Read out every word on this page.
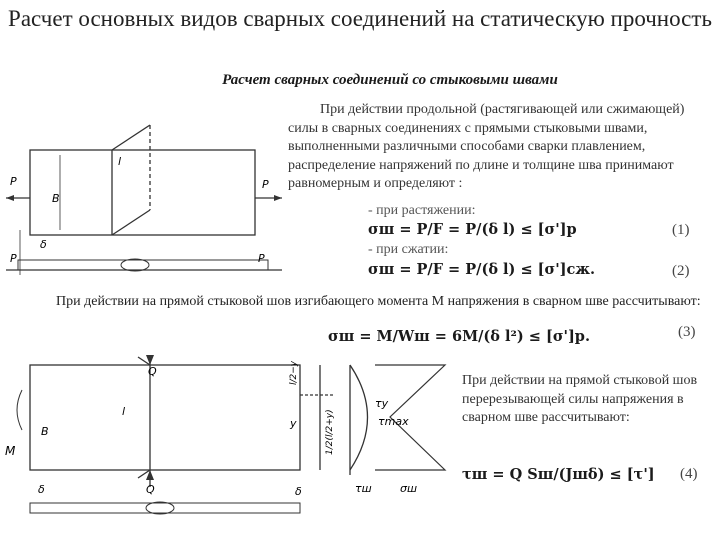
Расчет основных видов сварных соединений на статическую прочность
Расчет сварных соединений со стыковыми швами
При действии продольной (растягивающей или сжимающей) силы в сварных соединениях с прямыми стыковыми швами, выполненными различными способами сварки плавлением, распределение напряжений по длине и толщине шва принимают равномерным и определяют :
- при растяжении:
σш = P/F = P/(δ l) ≤ [σ']р	(1)
- при сжатии:
σш = P/F = P/(δ l) ≤ [σ']сж.	(2)
При действии на прямой стыковой шов изгибающего момента M напряжения в сварном шве рассчитывают:
σш = M/Wш = 6M/(δ l²) ≤ [σ']р.	(3)
При действии на прямой стыковой шов перерезывающей силы напряжения в сварном шве рассчитывают:
τш = Q Sш/(Jшδ) ≤ [τ'] (4)
P	P
B
l
P	P
δ
M
B
l
Q
Q
δ
y
δ
τy
τmax
τш	σш
l/2−y
1/2(l/2+y)
